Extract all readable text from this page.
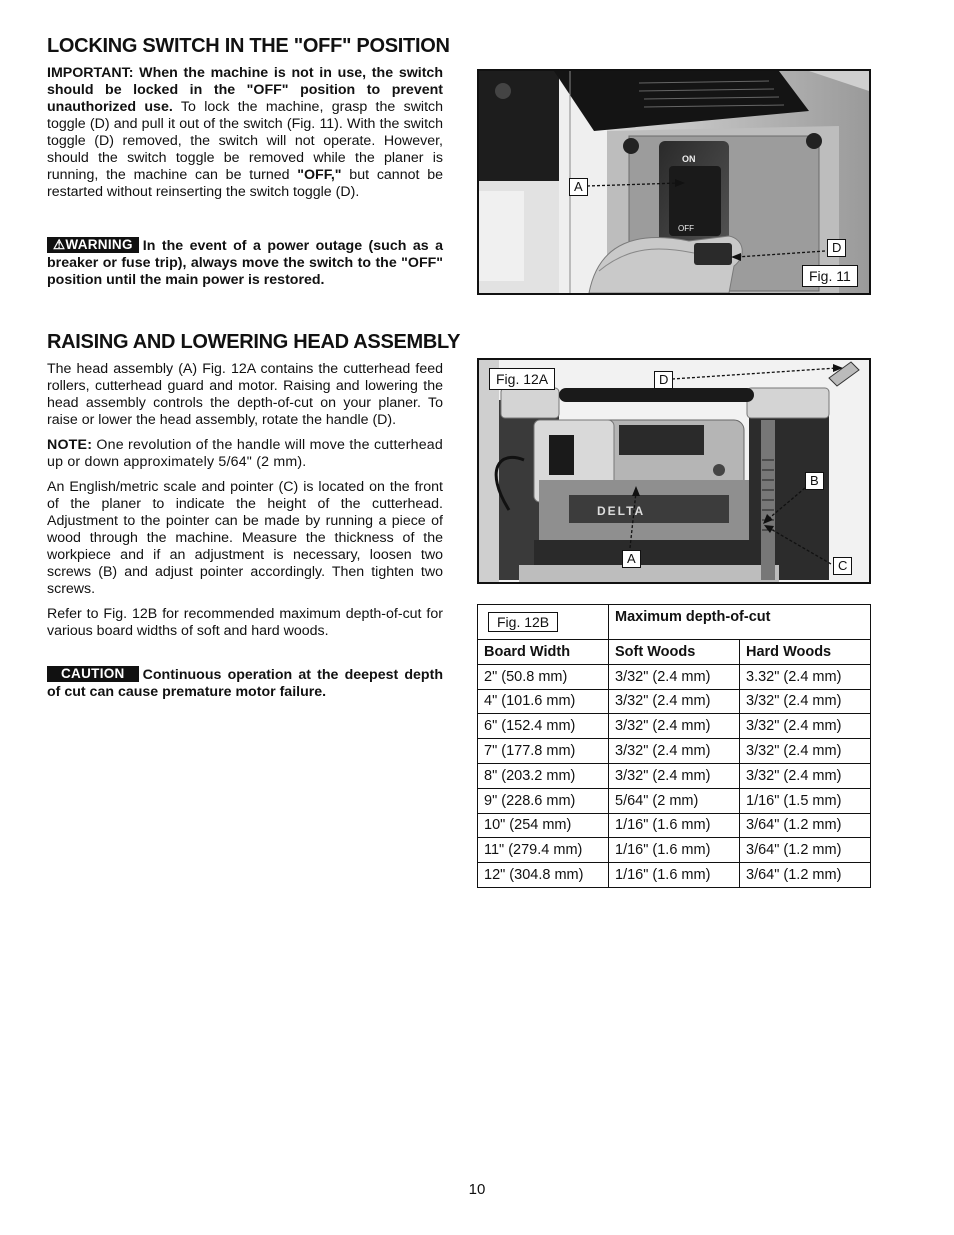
LOCKING SWITCH IN THE "OFF" POSITION

IMPORTANT: When the machine is not in use, the switch should be locked in the "OFF" position to prevent unauthorized use. To lock the machine, grasp the switch toggle (D) and pull it out of the switch (Fig. 11). With the switch toggle (D) removed, the switch will not operate. However, should the switch toggle be removed while the planer is running, the machine can be turned "OFF," but cannot be restarted without reinserting the switch toggle (D).

⚠WARNING In the event of a power outage (such as a breaker or fuse trip), always move the switch to the "OFF" position until the main power is restored.
ON
OFF
A
D
Fig. 11
RAISING AND LOWERING HEAD ASSEMBLY

The head assembly (A) Fig. 12A contains the cutterhead feed rollers, cutterhead guard and motor. Raising and lowering the head assembly controls the depth-of-cut on your planer. To raise or lower the head assembly, rotate the handle (D).

NOTE: One revolution of the handle will move the cutterhead up or down approximately 5/64" (2 mm).

An English/metric scale and pointer (C) is located on the front of the planer to indicate the height of the cutterhead. Adjustment to the pointer can be made by running a piece of wood through the machine. Measure the thickness of the workpiece and if an adjustment is necessary, loosen two screws (B) and adjust pointer accordingly. Then tighten two screws.

Refer to Fig. 12B for recommended maximum depth-of-cut for various board widths of soft and hard woods.

CAUTION Continuous operation at the deepest depth of cut can cause premature motor failure.
DELTA
Fig. 12A	D
B
C
A
Fig. 12B	Maximum depth-of-cut	
Board Width	Soft Woods	Hard Woods
2" (50.8 mm)	3/32" (2.4 mm)	3.32" (2.4 mm)
4" (101.6 mm)	3/32" (2.4 mm)	3/32" (2.4 mm)
6" (152.4 mm)	3/32" (2.4 mm)	3/32" (2.4 mm)
7" (177.8 mm)	3/32" (2.4 mm)	3/32" (2.4 mm)
8" (203.2 mm)	3/32" (2.4 mm)	3/32" (2.4 mm)
9" (228.6 mm)	5/64" (2 mm)	1/16" (1.5 mm)
10" (254 mm)	1/16" (1.6 mm)	3/64" (1.2 mm)
11" (279.4 mm)	1/16" (1.6 mm)	3/64" (1.2 mm)
12" (304.8 mm)	1/16" (1.6 mm)	3/64" (1.2 mm)
10
